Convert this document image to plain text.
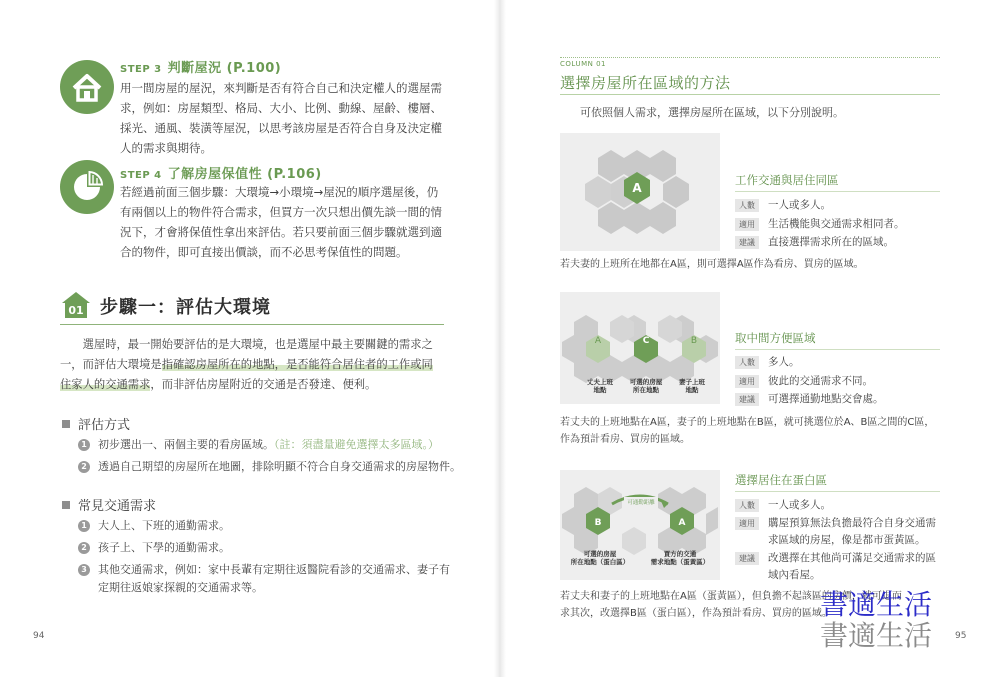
STEP 3 判斷屋況 (P.100)
用一間房屋的屋況，來判斷是否有符合自己和決定權人的選屋需
求，例如：房屋類型、格局、大小、比例、動線、屋齡、樓層、
採光、通風、裝潢等屋況，以思考該房屋是否符合自身及決定權
人的需求與期待。
STEP 4 了解房屋保值性 (P.106)
若經過前面三個步驟：大環境→小環境→屋況的順序選屋後，仍
有兩個以上的物件符合需求，但買方一次只想出價先談一間的情
況下，才會將保值性拿出來評估。若只要前面三個步驟就選到適
合的物件，即可直接出價談，而不必思考保值性的問題。
01 步驟一：評估大環境
　　選屋時，最一開始要評估的是大環境，也是選屋中最主要關鍵的需求之
一，而評估大環境是指確認房屋所在的地點，是否能符合居住者的工作或同
住家人的交通需求，而非評估房屋附近的交通是否發達、便利。
評估方式
1 初步選出一、兩個主要的看房區域。（註：須盡量避免選擇太多區域。）
2 透過自己期望的房屋所在地圖，排除明顯不符合自身交通需求的房屋物件。
常見交通需求
1 大人上、下班的通勤需求。
2 孩子上、下學的通勤需求。
3 其他交通需求，例如：家中長輩有定期往返醫院看診的交通需求、妻子有
定期往返娘家探親的交通需求等。
94
COLUMN 01
選擇房屋所在區域的方法
可依照個人需求，選擇房屋所在區域，以下分別說明。
A
工作交通與居住同區
人數	一人或多人。
適用	生活機能與交通需求相同者。
建議	直接選擇需求所在的區域。
若夫妻的上班所在地都在A區，則可選擇A區作為看房、買房的區域。
A	C	B
丈夫上班
地點
可選的房屋
所在地點
妻子上班
地點
取中間方便區域
人數	多人。
適用	彼此的交通需求不同。
建議	可選擇通勤地點交會處。
若丈夫的上班地點在A區，妻子的上班地點在B區，就可挑選位於A、B區之間的C區，
作為預計看房、買房的區域。
可通勤距離
B	A
可選的房屋
所在地點（蛋白區）
買方的交通
需求地點（蛋黃區）
選擇居住在蛋白區
人數	一人或多人。
適用	購屋預算無法負擔最符合自身交通需求區域的房屋，像是都市蛋黃區。
建議	改選擇在其他尚可滿足交通需求的區域內看屋。
若丈夫和妻子的上班地點在A區（蛋黃區），但負擔不起該區的房價，就可退而
求其次，改選擇B區（蛋白區），作為預計看房、買房的區域。
書適生活
書適生活	95
